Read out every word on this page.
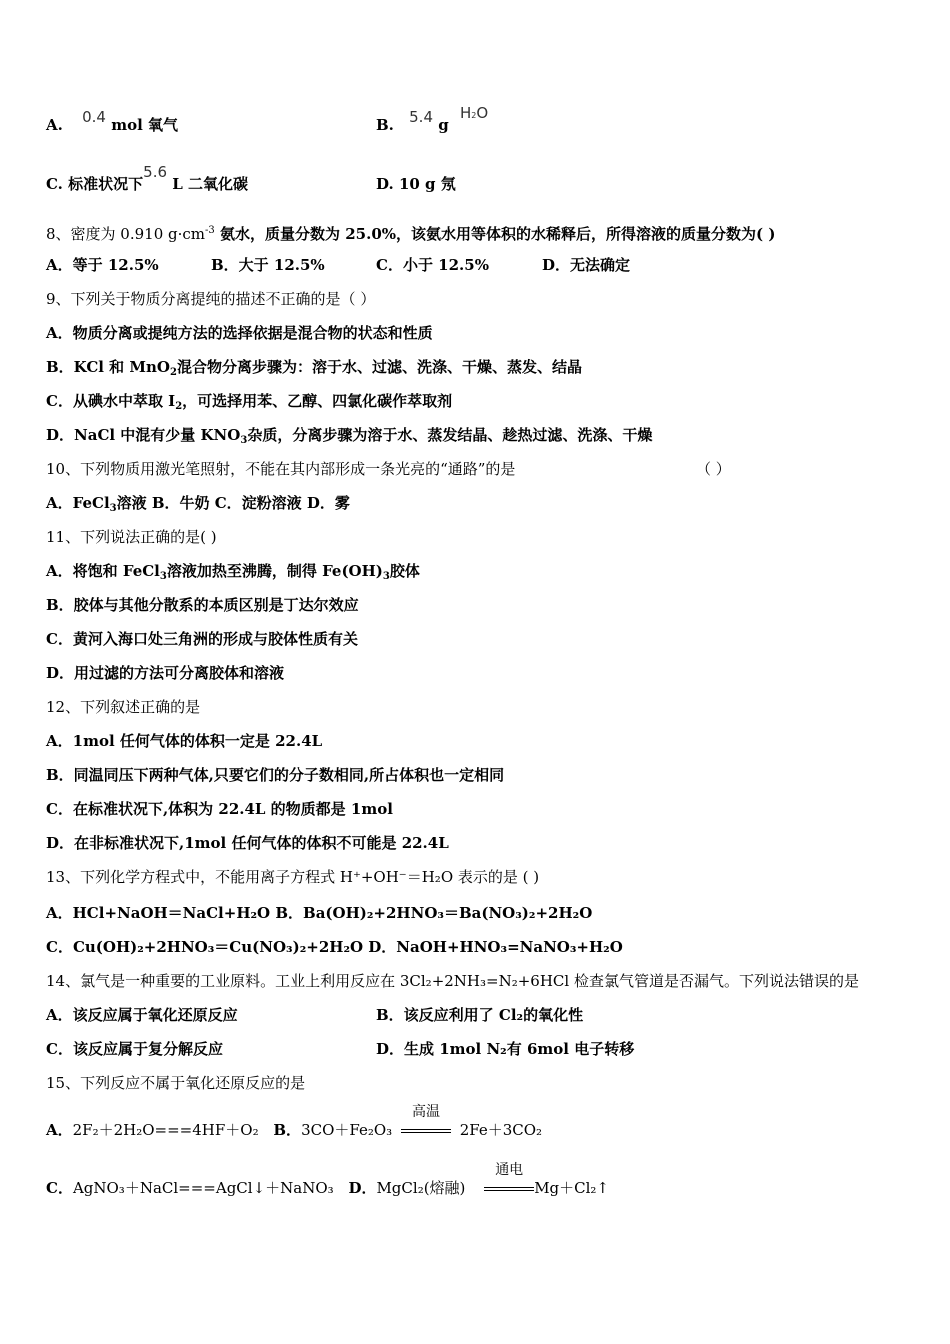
A. 0.4 mol 氧气	B. 5.4 g H2O
C. 标准状况下5.6 L 二氧化碳	D. 10 g 氖
8、密度为 0.910 $g\cdot cm^{-3}$ 氨水，质量分数为 25.0%，该氨水用等体积的水稀释后，所得溶液的质量分数为( )
A．等于 12.5%	B．大于 12.5%	C．小于 12.5%	D．无法确定
9、下列关于物质分离提纯的描述不正确的是（ ）
A．物质分离或提纯方法的选择依据是混合物的状态和性质
B．KCl 和 MnO$_2$混合物分离步骤为：溶于水、过滤、洗涤、干燥、蒸发、结晶
C．从碘水中萃取 $I_2$，可选择用苯、乙醇、四氯化碳作萃取剂
D．NaCl 中混有少量 $KNO_3$杂质，分离步骤为溶于水、蒸发结晶、趁热过滤、洗涤、干燥
10、下列物质用激光笔照射，不能在其内部形成一条光亮的“通路”的是	（ ）
A．FeCl$_3$溶液 B．牛奶 C．淀粉溶液 D．雾
11、下列说法正确的是( )
A．将饱和 FeCl$_3$溶液加热至沸腾，制得 $Fe(OH)_3$胶体
B．胶体与其他分散系的本质区别是丁达尔效应
C．黄河入海口处三角洲的形成与胶体性质有关
D．用过滤的方法可分离胶体和溶液
12、下列叙述正确的是
A．1mol 任何气体的体积一定是 22.4L
B．同温同压下两种气体,只要它们的分子数相同,所占体积也一定相同
C．在标准状况下,体积为 22.4L 的物质都是 1mol
D．在非标准状况下,1mol 任何气体的体积不可能是 22.4L
13、下列化学方程式中，不能用离子方程式 H⁺+OH⁻＝H₂O 表示的是 ( )
A．HCl+NaOH＝NaCl+H₂O B．Ba(OH)₂+2HNO₃＝Ba(NO₃)₂+2H₂O
C．Cu(OH)₂+2HNO₃＝Cu(NO₃)₂+2H₂O D．NaOH+HNO₃=NaNO₃+H₂O
14、氯气是一种重要的工业原料。工业上利用反应在 3Cl₂+2NH₃=N₂+6HCl 检查氯气管道是否漏气。下列说法错误的是
A．该反应属于氧化还原反应	B．该反应利用了 Cl₂的氧化性
C．该反应属于复分解反应	D．生成 1mol N₂有 6mol 电子转移
15、下列反应不属于氧化还原反应的是
A．2F₂＋2H₂O===4HF＋O₂ B．3CO＋Fe₂O₃
高温
2Fe＋3CO₂
C．AgNO₃＋NaCl===AgCl↓＋NaNO₃ D．MgCl₂(熔融)
通电
Mg＋Cl₂↑
